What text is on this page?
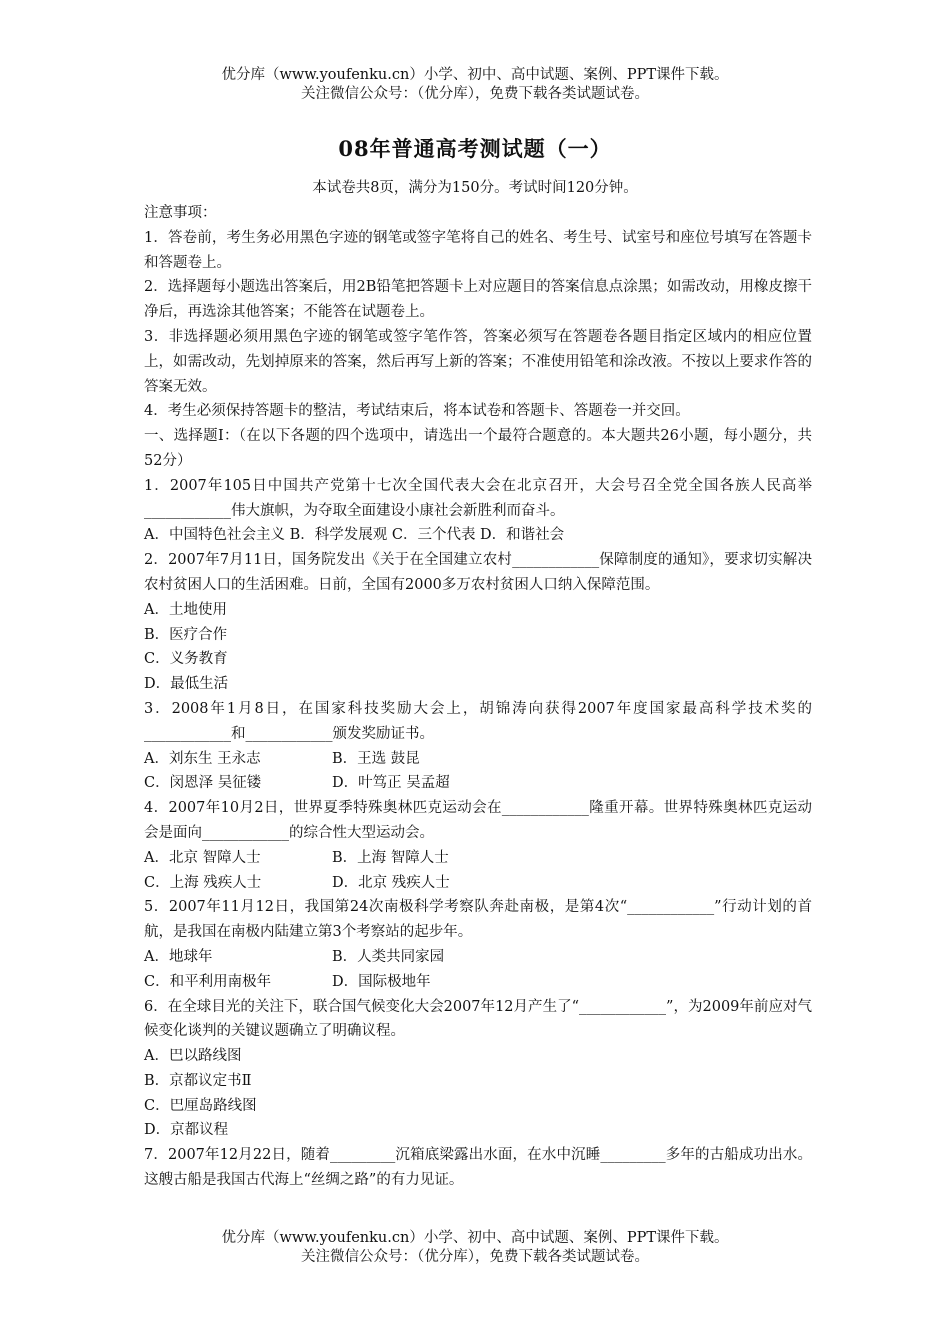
优分库（www.youfenku.cn）小学、初中、高中试题、案例、PPT课件下载。
关注微信公众号：（优分库），免费下载各类试题试卷。
08年普通高考测试题（一）
本试卷共8页，满分为150分。考试时间120分钟。

注意事项：

1．答卷前，考生务必用黑色字迹的钢笔或签字笔将自己的姓名、考生号、试室号和座位号填写在答题卡和答题卷上。

2．选择题每小题选出答案后，用2B铅笔把答题卡上对应题目的答案信息点涂黑；如需改动，用橡皮擦干净后，再选涂其他答案；不能答在试题卷上。

3．非选择题必须用黑色字迹的钢笔或签字笔作答，答案必须写在答题卷各题目指定区域内的相应位置上，如需改动，先划掉原来的答案，然后再写上新的答案；不准使用铅笔和涂改液。不按以上要求作答的答案无效。

4．考生必须保持答题卡的整洁，考试结束后，将本试卷和答题卡、答题卷一并交回。

一、选择题Ⅰ：（在以下各题的四个选项中，请选出一个最符合题意的。本大题共26小题，每小题分，共52分）

1．2007年105日中国共产党第十七次全国代表大会在北京召开，大会号召全党全国各族人民高举____________伟大旗帜，为夺取全面建设小康社会新胜利而奋斗。

A．中国特色社会主义 B．科学发展观 C．三个代表 D．和谐社会

2．2007年7月11日，国务院发出《关于在全国建立农村____________保障制度的通知》，要求切实解决农村贫困人口的生活困难。日前，全国有2000多万农村贫困人口纳入保障范围。

A．土地使用

B．医疗合作

C．义务教育

D．最低生活

3．2008年1月8日，在国家科技奖励大会上，胡锦涛向获得2007年度国家最高科学技术奖的____________和____________颁发奖励证书。

A．刘东生 王永志	B．王选 鼓昆

C．闵恩泽 吴征镂	D．叶笃正 吴孟超

4．2007年10月2日，世界夏季特殊奥林匹克运动会在____________隆重开幕。世界特殊奥林匹克运动会是面向____________的综合性大型运动会。

A．北京 智障人士	B．上海 智障人士

C．上海 残疾人士	D．北京 残疾人士

5．2007年11月12日，我国第24次南极科学考察队奔赴南极，是第4次“____________”行动计划的首航，是我国在南极内陆建立第3个考察站的起步年。

A．地球年	B．人类共同家园

C．和平利用南极年	D．国际极地年

6．在全球目光的关注下，联合国气候变化大会2007年12月产生了“____________”，为2009年前应对气候变化谈判的关键议题确立了明确议程。

A．巴以路线图

B．京都议定书Ⅱ

C．巴厘岛路线图

D．京都议程

7．2007年12月22日，随着_________沉箱底梁露出水面，在水中沉睡_________多年的古船成功出水。这艘古船是我国古代海上“丝绸之路”的有力见证。

优分库（www.youfenku.cn）小学、初中、高中试题、案例、PPT课件下载。
关注微信公众号：（优分库），免费下载各类试题试卷。
